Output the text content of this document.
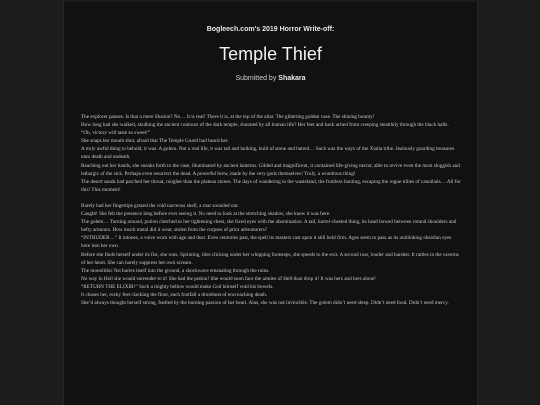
Bogleech.com's 2019 Horror Write-off:
Temple Thief
Submitted by Shakara

The explorer pauses. Is that a mere illusion? No… It is real! There it is, at the top of the altar. The glittering golden vase. The shining bounty!

How long had she walked, skulking the ancient contours of the dark temple, shunned by all human life? Her feet and back ached from creeping stealthily through the black halls.

“Oh, victory will taste so sweet!”

She snaps her mouth shut, afraid that The Temple Guard had heard her.

A truly awful thing to behold, it was. A golem. Not a real life, it was tall and hulking, built of stone and hatred… Such was the ways of the Xialia tribe. Jealously guarding treasures unto death and undeath.

Reaching out her hands, she sneaks forth to the vase, illuminated by ancient lanterns. Gilded and magnificent, it contained life-giving nectar, able to revive even the most sluggish and lethargic of the sick. Perhaps even resurrect the dead. A powerful brew, made by the very gods themselves! Truly, a wondrous thing!

The desert sands had parched her throat, rougher than the plateau stones. The days of wandering in the wasteland, the fruitless hunting, escaping the rogue tribes of cannibals… All for this! This moment!

Barely had her fingertips grazed the cold nacreous shell, a roar sounded out.

Caught! She felt the presence long before ever seeing it. No need to look at the stretching shadow, she knew it was here.

The golem… Turning around, potion clutched to her tightening chest, she fixed eyes with the abomination. A tall, barrel-chested thing, its head bowed between rotund shoulders and hefty armours. How much metal did it wear, stolen from the corpses of prior adventurers?

“INTRUDER…” It intones, a voice worn with age and dust. Even centuries past, the spell its masters cast upon it still held firm. Ages seem to pass as its unblinking obsidian eyes bore into her own.

Before she finds herself under its fist, she runs. Sprinting, tiles clicking under her whipping footsteps, she speeds to the exit. A second roar, louder and harsher. It rattles in the caverns of her heart. She can barely suppress her own scream.

The monolithic fist buries itself into the ground, a shockwave emanating through the ruins.

No way in Hell she would surrender to it! She had the potion! She would soon face the armies of Hell than drop it! It was hers and hers alone!

“RETURN THE ELIXIR!” Such a mighty bellow would make God himself void his bowels.

It chases her, rocky feet clacking the floor, each footfall a drumbeat of encroaching death.

She’d always thought herself strong, fuelled by the burning passion of her heart. Alas, she was not invincible. The golem didn’t need sleep. Didn’t need food. Didn’t need mercy.
